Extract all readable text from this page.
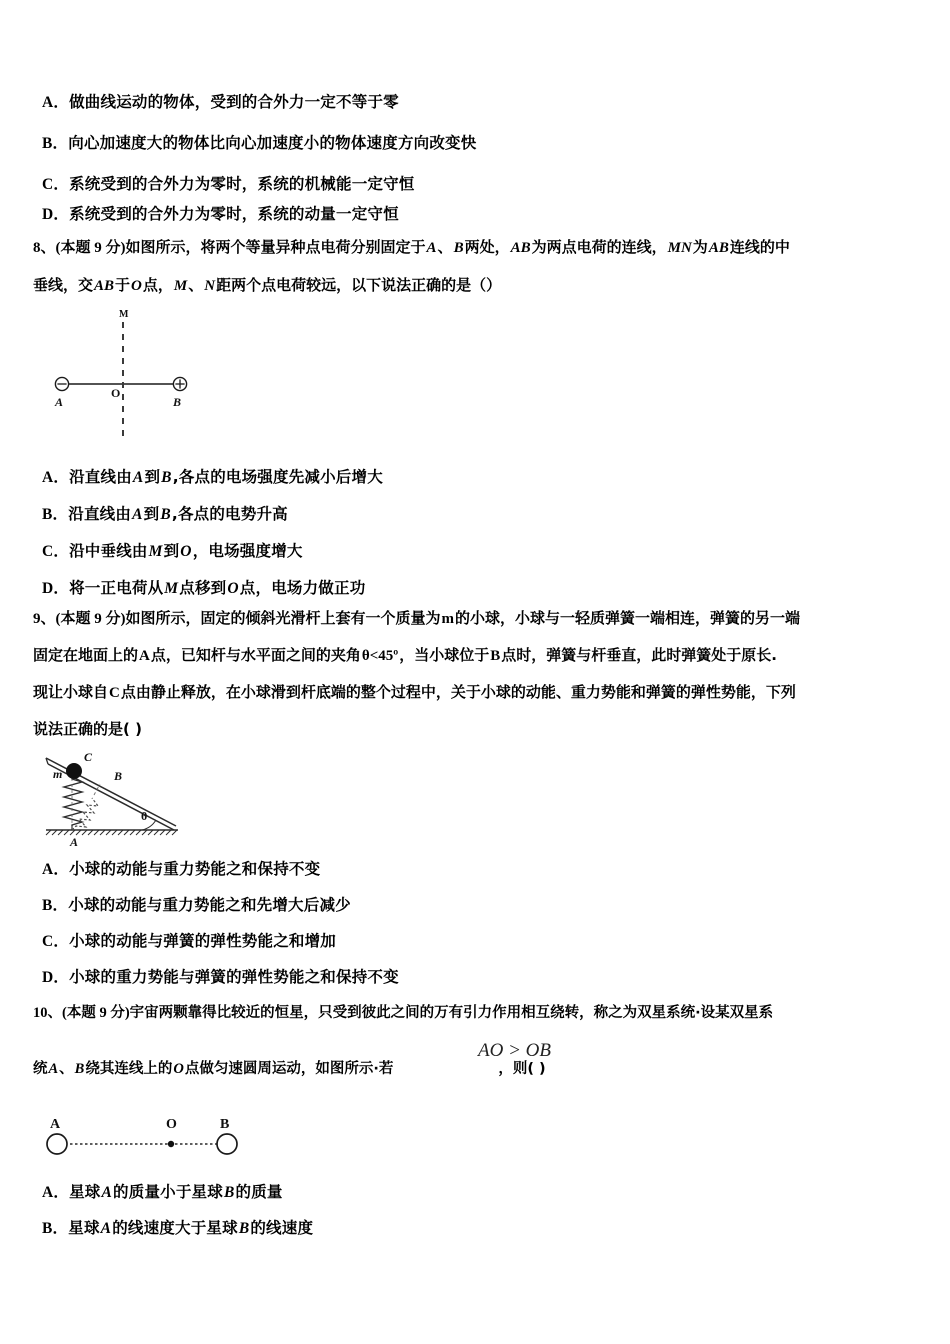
A．做曲线运动的物体，受到的合外力一定不等于零
B．向心加速度大的物体比向心加速度小的物体速度方向改变快
C．系统受到的合外力为零时，系统的机械能一定守恒
D．系统受到的合外力为零时，系统的动量一定守恒
8、(本题 9 分)如图所示，将两个等量异种点电荷分别固定于A、B两处，AB为两点电荷的连线，MN为AB连线的中
垂线，交AB于O点，M、N距两个点电荷较远，以下说法正确的是（）
A	B
O
M
A．沿直线由A到B,各点的电场强度先减小后增大
B．沿直线由A到B,各点的电势升高
C．沿中垂线由M到O，电场强度增大
D．将一正电荷从M点移到O点，电场力做正功
9、(本题 9 分)如图所示，固定的倾斜光滑杆上套有一个质量为m的小球，小球与一轻质弹簧一端相连，弹簧的另一端
固定在地面上的A点，已知杆与水平面之间的夹角θ<45º，当小球位于B点时，弹簧与杆垂直，此时弹簧处于原长.
现让小球自C点由静止释放，在小球滑到杆底端的整个过程中，关于小球的动能、重力势能和弹簧的弹性势能，下列
说法正确的是( )
m
C
B
A
θ
A．小球的动能与重力势能之和保持不变
B．小球的动能与重力势能之和先增大后减少
C．小球的动能与弹簧的弹性势能之和增加
D．小球的重力势能与弹簧的弹性势能之和保持不变
10、(本题 9 分)宇宙两颗靠得比较近的恒星，只受到彼此之间的万有引力作用相互绕转，称之为双星系统·设某双星系
AO > OB
统A、B绕其连线上的O点做匀速圆周运动，如图所示·若	，则( )
A	O	B
A．星球A的质量小于星球B的质量
B．星球A的线速度大于星球B的线速度
